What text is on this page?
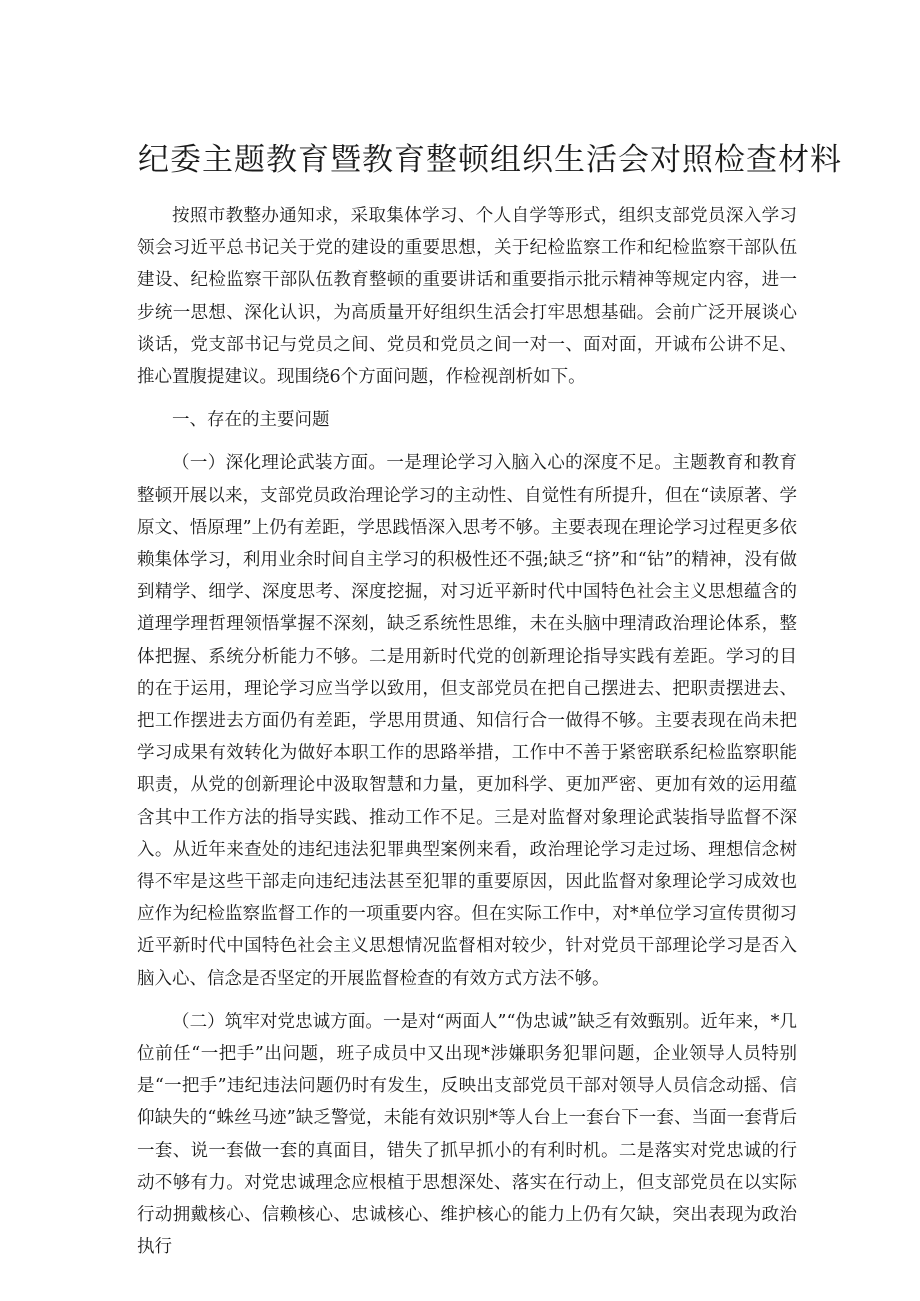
纪委主题教育暨教育整顿组织生活会对照检查材料

按照市教整办通知求，采取集体学习、个人自学等形式，组织支部党员深入学习领会习近平总书记关于党的建设的重要思想，关于纪检监察工作和纪检监察干部队伍建设、纪检监察干部队伍教育整顿的重要讲话和重要指示批示精神等规定内容，进一步统一思想、深化认识，为高质量开好组织生活会打牢思想基础。会前广泛开展谈心谈话，党支部书记与党员之间、党员和党员之间一对一、面对面，开诚布公讲不足、推心置腹提建议。现围绕6个方面问题，作检视剖析如下。

一、存在的主要问题

（一）深化理论武装方面。一是理论学习入脑入心的深度不足。主题教育和教育整顿开展以来，支部党员政治理论学习的主动性、自觉性有所提升，但在“读原著、学原文、悟原理”上仍有差距，学思践悟深入思考不够。主要表现在理论学习过程更多依赖集体学习，利用业余时间自主学习的积极性还不强;缺乏“挤”和“钻”的精神，没有做到精学、细学、深度思考、深度挖掘，对习近平新时代中国特色社会主义思想蕴含的道理学理哲理领悟掌握不深刻，缺乏系统性思维，未在头脑中理清政治理论体系，整体把握、系统分析能力不够。二是用新时代党的创新理论指导实践有差距。学习的目的在于运用，理论学习应当学以致用，但支部党员在把自己摆进去、把职责摆进去、把工作摆进去方面仍有差距，学思用贯通、知信行合一做得不够。主要表现在尚未把学习成果有效转化为做好本职工作的思路举措，工作中不善于紧密联系纪检监察职能职责，从党的创新理论中汲取智慧和力量，更加科学、更加严密、更加有效的运用蕴含其中工作方法的指导实践、推动工作不足。三是对监督对象理论武装指导监督不深入。从近年来查处的违纪违法犯罪典型案例来看，政治理论学习走过场、理想信念树得不牢是这些干部走向违纪违法甚至犯罪的重要原因，因此监督对象理论学习成效也应作为纪检监察监督工作的一项重要内容。但在实际工作中，对*单位学习宣传贯彻习近平新时代中国特色社会主义思想情况监督相对较少，针对党员干部理论学习是否入脑入心、信念是否坚定的开展监督检查的有效方式方法不够。

（二）筑牢对党忠诚方面。一是对“两面人”“伪忠诚”缺乏有效甄别。近年来，*几位前任“一把手”出问题，班子成员中又出现*涉嫌职务犯罪问题，企业领导人员特别是“一把手”违纪违法问题仍时有发生，反映出支部党员干部对领导人员信念动摇、信仰缺失的“蛛丝马迹”缺乏警觉，未能有效识别*等人台上一套台下一套、当面一套背后一套、说一套做一套的真面目，错失了抓早抓小的有利时机。二是落实对党忠诚的行动不够有力。对党忠诚理念应根植于思想深处、落实在行动上，但支部党员在以实际行动拥戴核心、信赖核心、忠诚核心、维护核心的能力上仍有欠缺，突出表现为政治执行
